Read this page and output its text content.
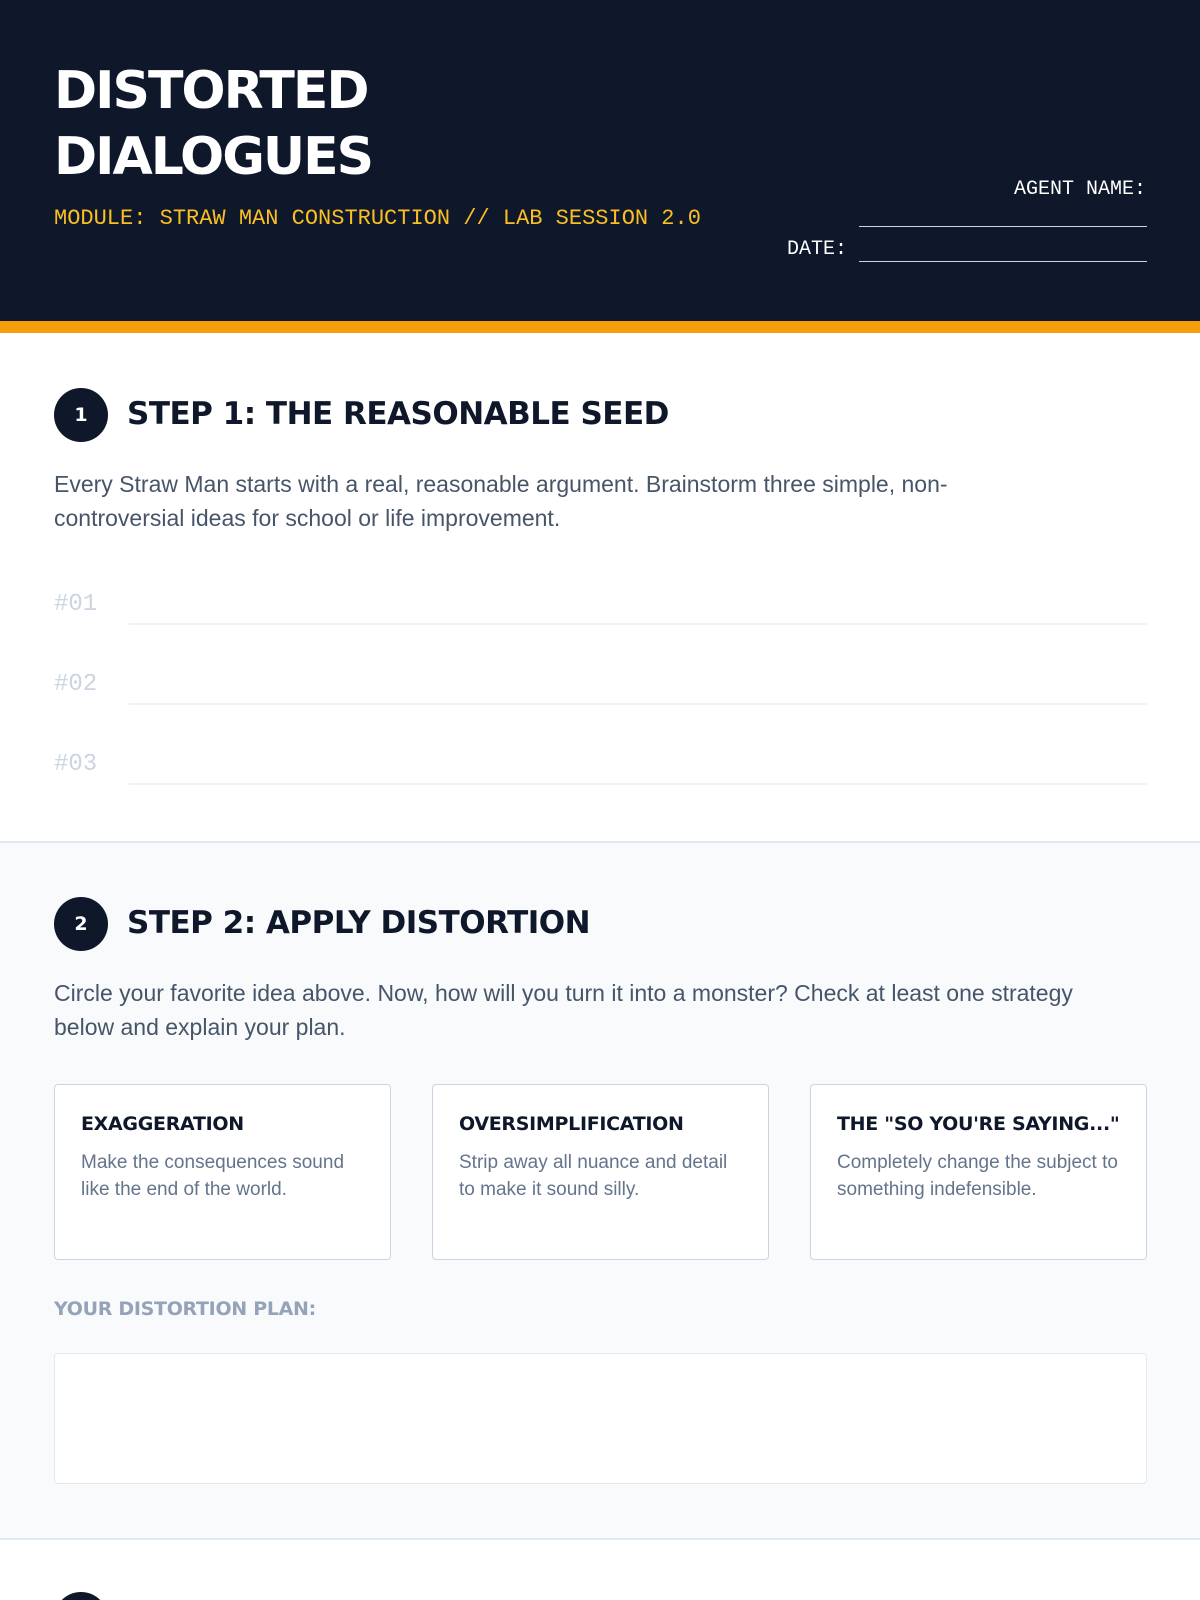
DISTORTED
DIALOGUES
MODULE: STRAW MAN CONSTRUCTION // LAB SESSION 2.0
AGENT NAME:
DATE:
1	STEP 1: THE REASONABLE SEED

Every Straw Man starts with a real, reasonable argument. Brainstorm three simple, non-controversial ideas for school or life improvement.

#01
#02
#03
2	STEP 2: APPLY DISTORTION

Circle your favorite idea above. Now, how will you turn it into a monster? Check at least one strategy below and explain your plan.

EXAGGERATION
Make the consequences sound like the end of the world.
OVERSIMPLIFICATION
Strip away all nuance and detail to make it sound silly.
THE "SO YOU'RE SAYING..."
Completely change the subject to something indefensible.
YOUR DISTORTION PLAN:
